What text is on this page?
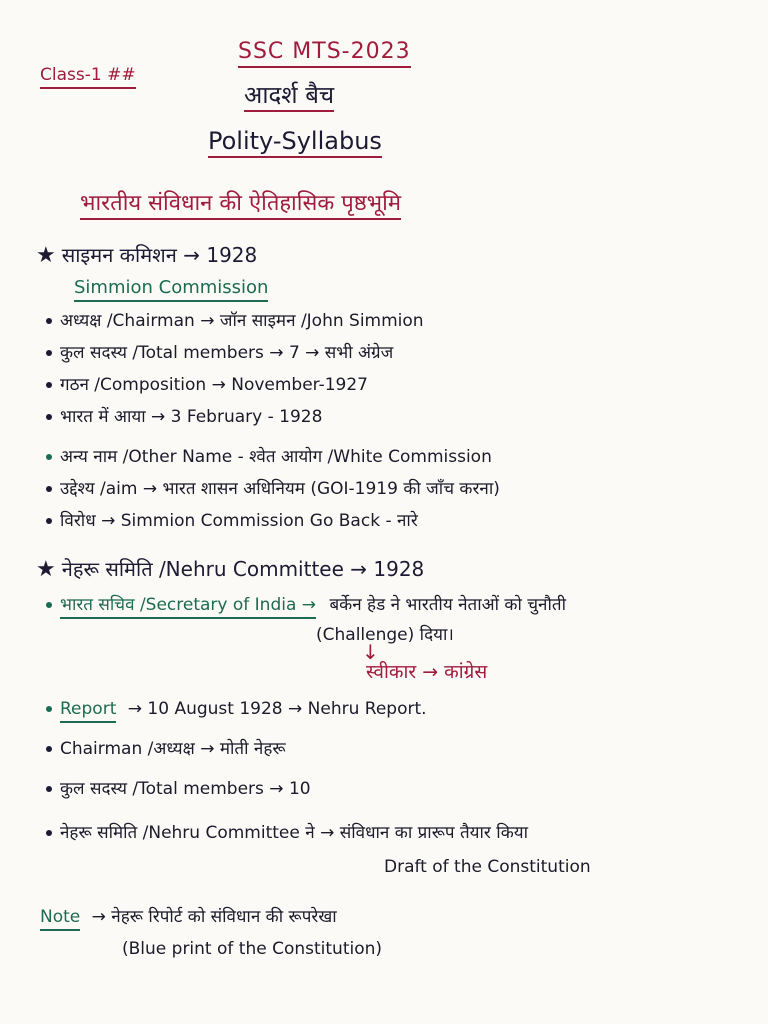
SSC MTS-2023
Class-1 ##
आदर्श बैच
Polity-Syllabus
भारतीय संविधान की ऐतिहासिक पृष्ठभूमि
★ साइमन कमिशन → 1928
Simmion Commission
अध्यक्ष /Chairman → जॉन साइमन /John Simmion
कुल सदस्य /Total members → 7 → सभी अंग्रेज
गठन /Composition → November-1927
भारत में आया → 3 February - 1928
अन्य नाम /Other Name - श्वेत आयोग /White Commission
उद्देश्य /aim → भारत शासन अधिनियम (GOI-1919 की जाँच करना)
विरोध → Simmion Commission Go Back - नारे
★ नेहरू समिति /Nehru Committee → 1928
भारत सचिव /Secretary of India → बर्केन हेड ने भारतीय नेताओं को चुनौती
(Challenge) दिया।
↓
स्वीकार → कांग्रेस
Report → 10 August 1928 → Nehru Report.
Chairman /अध्यक्ष → मोती नेहरू
कुल सदस्य /Total members → 10
नेहरू समिति /Nehru Committee ने → संविधान का प्रारूप तैयार किया
Draft of the Constitution
Note → नेहरू रिपोर्ट को संविधान की रूपरेखा
(Blue print of the Constitution)
